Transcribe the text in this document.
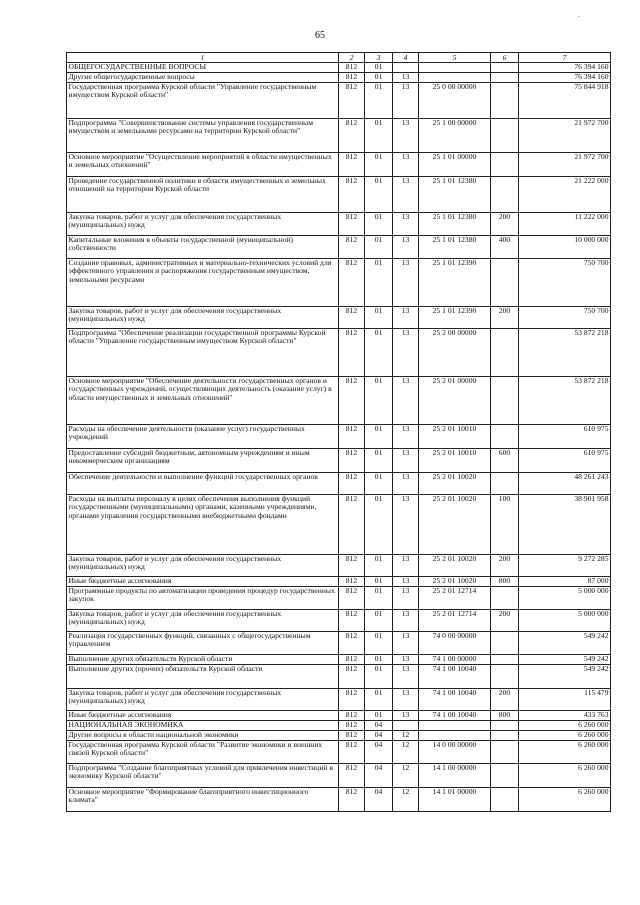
65
.
1	2	3	4	5	6	7
ОБЩЕГОСУДАРСТВЕННЫЕ ВОПРОСЫ	812	01				76 394 160
Другие общегосударственные вопросы	812	01	13			76 394 160
Государственная программа Курской области "Управление государственным имуществом Курской области"	812	01	13	25 0 00 00000		75 844 918
Подпрограмма "Совершенствование системы управления государственным имуществом и земельными ресурсами на территории Курской области"	812	01	13	25 1 00 00000		21 972 700
Основное мероприятие "Осуществление мероприятий в области имущественных и земельных отношений"	812	01	13	25 1 01 00000		21 972 700
Проведение государственной политики в области имущественных и земельных отношений на территории Курской области	812	01	13	25 1 01 12380		21 222 000
Закупка товаров, работ и услуг для обеспечения государственных (муниципальных) нужд	812	01	13	25 1 01 12380	200	11 222 000
Капитальные вложения в объекты государственной (муниципальной) собственности	812	01	13	25 1 01 12380	400	10 000 000
Создание правовых, административных и материально-технических условий для эффективного управления и распоряжения государственным имуществом, земельными ресурсами	812	01	13	25 1 01 12390		750 700
Закупка товаров, работ и услуг для обеспечения государственных (муниципальных) нужд	812	01	13	25 1 01 12390	200	750 700
Подпрограмма "Обеспечение реализации государственной программы Курской области "Управление государственным имуществом Курской области"	812	01	13	25 2 00 00000		53 872 218
Основное мероприятие "Обеспечение деятельности государственных органов и государственных учреждений, осуществляющих деятельность (оказание услуг) в области имущественных и земельных отношений"	812	01	13	25 2 01 00000		53 872 218
Расходы на обеспечение деятельности (оказание услуг) государственных учреждений	812	01	13	25 2 01 10010		610 975
Предоставление субсидий бюджетным, автономным учреждениям и иным некоммерческим организациям	812	01	13	25 2 01 10010	600	610 975
Обеспечение деятельности и выполнение функций государственных органов	812	01	13	25 2 01 10020		48 261 243
Расходы на выплаты персоналу в целях обеспечения выполнения функций государственными (муниципальными) органами, казенными учреждениями, органами управления государственными внебюджетными фондами	812	01	13	25 2 01 10020	100	38 901 958
Закупка товаров, работ и услуг для обеспечения государственных (муниципальных) нужд	812	01	13	25 2 01 10020	200	9 272 285
Иные бюджетные ассигнования	812	01	13	25 2 01 10020	800	87 000
Программные продукты по автоматизации проведения процедур государственных закупок	812	01	13	25 2 01 12714		5 000 000
Закупка товаров, работ и услуг для обеспечения государственных (муниципальных) нужд	812	01	13	25 2 01 12714	200	5 000 000
Реализация государственных функций, связанных с общегосударственным управлением	812	01	13	74 0 00 00000		549 242
Выполнение других обязательств Курской области	812	01	13	74 1 00 00000		549 242
Выполнение других (прочих) обязательств Курской области	812	01	13	74 1 00 10040		549 242
Закупка товаров, работ и услуг для обеспечения государственных (муниципальных) нужд	812	01	13	74 1 00 10040	200	115 479
Иные бюджетные ассигнования	812	01	13	74 1 00 10040	800	433 763
НАЦИОНАЛЬНАЯ ЭКОНОМИКА	812	04				6 260 000
Другие вопросы в области национальной экономики	812	04	12			6 260 000
Государственная программа Курской области "Развитие экономики и внешних связей Курской области"	812	04	12	14 0 00 00000		6 260 000
Подпрограмма "Создание благоприятных условий для привлечения инвестиций в экономику Курской области"	812	04	12	14 1 00 00000		6 260 000
Основное мероприятие "Формирование благоприятного инвестиционного климата"	812	04	12	14 1 01 00000		6 260 000
